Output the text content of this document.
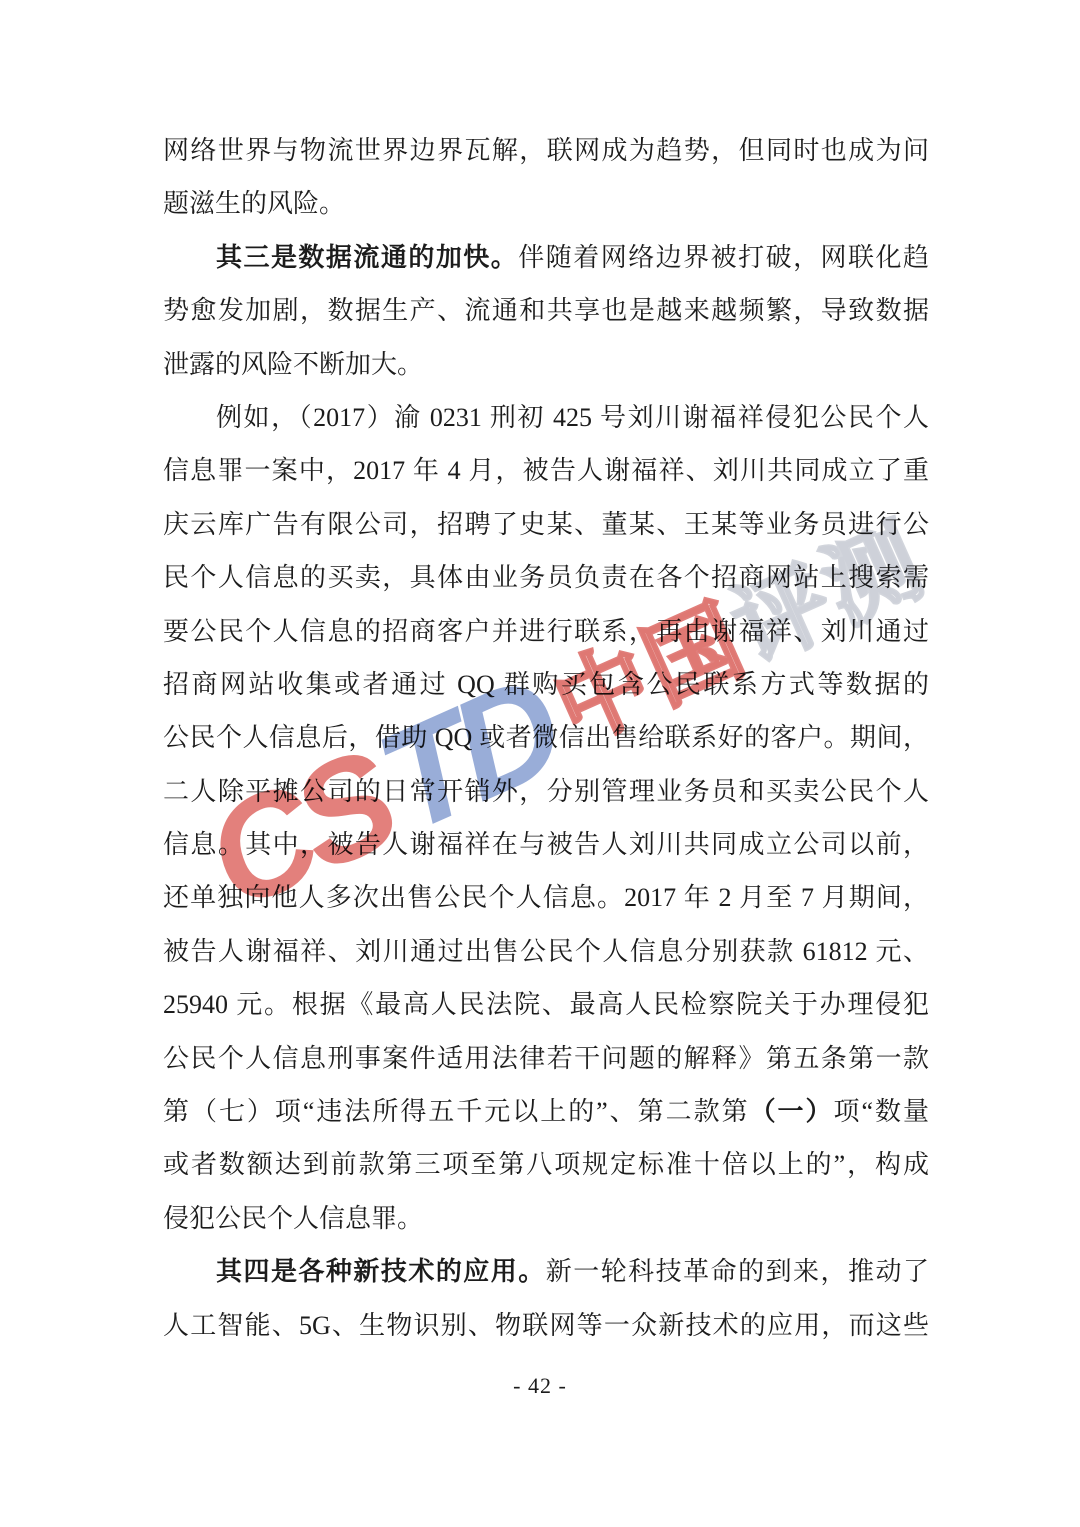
网络世界与物流世界边界瓦解，联网成为趋势，但同时也成为问
题滋生的风险。
其三是数据流通的加快。伴随着网络边界被打破，网联化趋
势愈发加剧，数据生产、流通和共享也是越来越频繁，导致数据
泄露的风险不断加大。
例如，（2017）渝 0231 刑初 425 号刘川谢福祥侵犯公民个人
信息罪一案中，2017 年 4 月，被告人谢福祥、刘川共同成立了重
庆云库广告有限公司，招聘了史某、董某、王某等业务员进行公
民个人信息的买卖，具体由业务员负责在各个招商网站上搜索需
要公民个人信息的招商客户并进行联系，再由谢福祥、刘川通过
招商网站收集或者通过 QQ 群购买包含公民联系方式等数据的
公民个人信息后，借助 QQ 或者微信出售给联系好的客户。期间，
二人除平摊公司的日常开销外，分别管理业务员和买卖公民个人
信息。其中，被告人谢福祥在与被告人刘川共同成立公司以前，
还单独向他人多次出售公民个人信息。2017 年 2 月至 7 月期间，
被告人谢福祥、刘川通过出售公民个人信息分别获款 61812 元、
25940 元。根据《最高人民法院、最高人民检察院关于办理侵犯
公民个人信息刑事案件适用法律若干问题的解释》第五条第一款
第（七）项“违法所得五千元以上的”、第二款第（一）项“数量
或者数额达到前款第三项至第八项规定标准十倍以上的”，构成
侵犯公民个人信息罪。
其四是各种新技术的应用。新一轮科技革命的到来，推动了
人工智能、5G、生物识别、物联网等一众新技术的应用，而这些
CSTD中国评测
- 42 -
